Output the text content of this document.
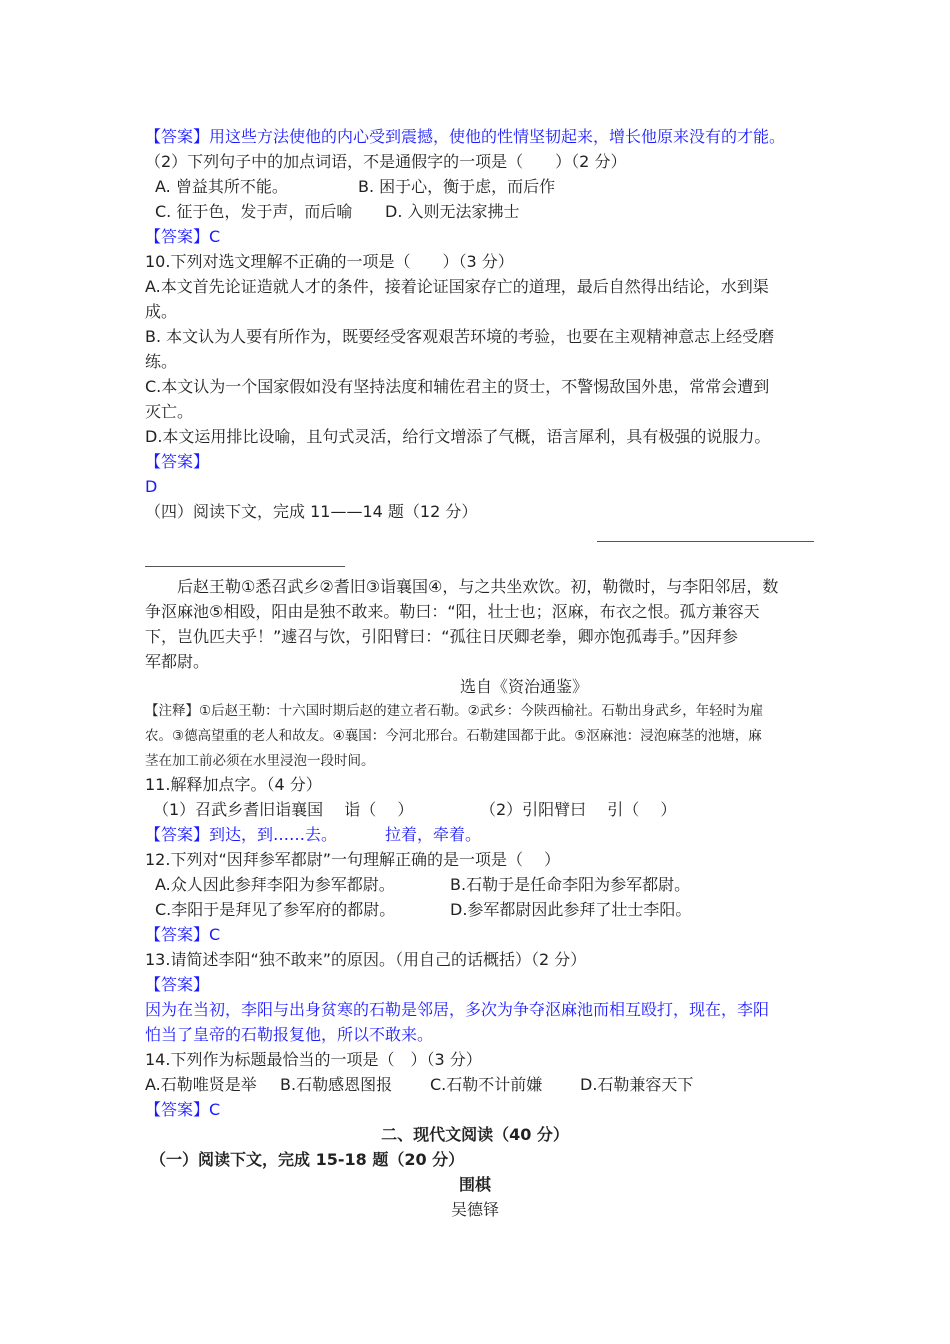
【答案】用这些方法使他的内心受到震撼，使他的性情坚韧起来，增长他原来没有的才能。
（2）下列句子中的加点词语，不是通假字的一项是（　　）（2 分）
A. 曾益其所不能。	B. 困于心，衡于虑，而后作
C. 征于色，发于声，而后喻 D. 入则无法家拂士
【答案】C
10.下列对选文理解不正确的一项是（　　）（3 分）
A.本文首先论证造就人才的条件，接着论证国家存亡的道理，最后自然得出结论，水到渠
成。
B. 本文认为人要有所作为，既要经受客观艰苦环境的考验，也要在主观精神意志上经受磨
练。
C.本文认为一个国家假如没有坚持法度和辅佐君主的贤士，不警惕敌国外患，常常会遭到
灭亡。
D.本文运用排比设喻，且句式灵活，给行文增添了气概，语言犀利，具有极强的说服力。
【答案】
D
（四）阅读下文，完成 11——14 题（12 分）
　　后赵王勒①悉召武乡②耆旧③诣襄国④，与之共坐欢饮。初，勒微时，与李阳邻居，数
争沤麻池⑤相殴，阳由是独不敢来。勒曰：“阳，壮士也；沤麻，布衣之恨。孤方兼容天
下，岂仇匹夫乎！”遽召与饮，引阳臂曰：“孤往日厌卿老拳，卿亦饱孤毒手。”因拜参
军都尉。
选自《资治通鉴》
【注释】①后赵王勒：十六国时期后赵的建立者石勒。②武乡：今陕西榆社。石勒出身武乡，年轻时为雇
农。③德高望重的老人和故友。④襄国：今河北邢台。石勒建国都于此。⑤沤麻池：浸泡麻茎的池塘，麻
茎在加工前必须在水里浸泡一段时间。
11.解释加点字。（4 分）
（1）召武乡耆旧诣襄国　 诣（　 ）	（2）引阳臂曰　 引（　 ）
【答案】到达，到……去。	拉着，牵着。
12.下列对“因拜参军都尉”一句理解正确的是一项是（　 ）
A.众人因此参拜李阳为参军都尉。	B.石勒于是任命李阳为参军都尉。
C.李阳于是拜见了参军府的都尉。	D.参军都尉因此参拜了壮士李阳。
【答案】C
13.请简述李阳“独不敢来”的原因。（用自己的话概括）（2 分）
【答案】
因为在当初，李阳与出身贫寒的石勒是邻居，多次为争夺沤麻池而相互殴打，现在，李阳
怕当了皇帝的石勒报复他，所以不敢来。
14.下列作为标题最恰当的一项是（　）（3 分）
A.石勒唯贤是举 B.石勒感恩图报 C.石勒不计前嫌 D.石勒兼容天下
【答案】C
二、现代文阅读（40 分）
（一）阅读下文，完成 15-18 题（20 分）
围棋
吴德铎
